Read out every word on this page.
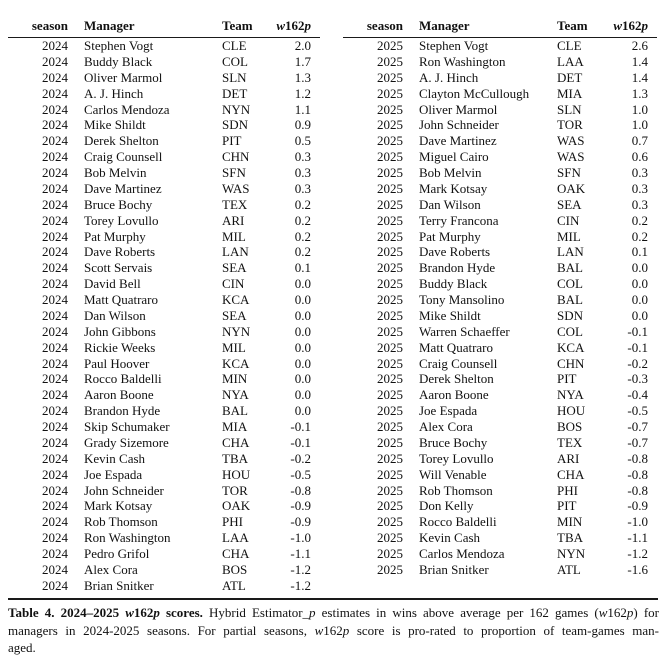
season	Manager	Team	w162p
2024	Stephen Vogt	CLE	2.0
2024	Buddy Black	COL	1.7
2024	Oliver Marmol	SLN	1.3
2024	A. J. Hinch	DET	1.2
2024	Carlos Mendoza	NYN	1.1
2024	Mike Shildt	SDN	0.9
2024	Derek Shelton	PIT	0.5
2024	Craig Counsell	CHN	0.3
2024	Bob Melvin	SFN	0.3
2024	Dave Martinez	WAS	0.3
2024	Bruce Bochy	TEX	0.2
2024	Torey Lovullo	ARI	0.2
2024	Pat Murphy	MIL	0.2
2024	Dave Roberts	LAN	0.2
2024	Scott Servais	SEA	0.1
2024	David Bell	CIN	0.0
2024	Matt Quatraro	KCA	0.0
2024	Dan Wilson	SEA	0.0
2024	John Gibbons	NYN	0.0
2024	Rickie Weeks	MIL	0.0
2024	Paul Hoover	KCA	0.0
2024	Rocco Baldelli	MIN	0.0
2024	Aaron Boone	NYA	0.0
2024	Brandon Hyde	BAL	0.0
2024	Skip Schumaker	MIA	-0.1
2024	Grady Sizemore	CHA	-0.1
2024	Kevin Cash	TBA	-0.2
2024	Joe Espada	HOU	-0.5
2024	John Schneider	TOR	-0.8
2024	Mark Kotsay	OAK	-0.9
2024	Rob Thomson	PHI	-0.9
2024	Ron Washington	LAA	-1.0
2024	Pedro Grifol	CHA	-1.1
2024	Alex Cora	BOS	-1.2
2024	Brian Snitker	ATL	-1.2
season	Manager	Team	w162p
2025	Stephen Vogt	CLE	2.6
2025	Ron Washington	LAA	1.4
2025	A. J. Hinch	DET	1.4
2025	Clayton McCullough	MIA	1.3
2025	Oliver Marmol	SLN	1.0
2025	John Schneider	TOR	1.0
2025	Dave Martinez	WAS	0.7
2025	Miguel Cairo	WAS	0.6
2025	Bob Melvin	SFN	0.3
2025	Mark Kotsay	OAK	0.3
2025	Dan Wilson	SEA	0.3
2025	Terry Francona	CIN	0.2
2025	Pat Murphy	MIL	0.2
2025	Dave Roberts	LAN	0.1
2025	Brandon Hyde	BAL	0.0
2025	Buddy Black	COL	0.0
2025	Tony Mansolino	BAL	0.0
2025	Mike Shildt	SDN	0.0
2025	Warren Schaeffer	COL	-0.1
2025	Matt Quatraro	KCA	-0.1
2025	Craig Counsell	CHN	-0.2
2025	Derek Shelton	PIT	-0.3
2025	Aaron Boone	NYA	-0.4
2025	Joe Espada	HOU	-0.5
2025	Alex Cora	BOS	-0.7
2025	Bruce Bochy	TEX	-0.7
2025	Torey Lovullo	ARI	-0.8
2025	Will Venable	CHA	-0.8
2025	Rob Thomson	PHI	-0.8
2025	Don Kelly	PIT	-0.9
2025	Rocco Baldelli	MIN	-1.0
2025	Kevin Cash	TBA	-1.1
2025	Carlos Mendoza	NYN	-1.2
2025	Brian Snitker	ATL	-1.6
Table 4. 2024–2025 w162p scores. Hybrid Estimator_p estimates in wins above average per 162 games (w162p) for
managers in 2024-2025 seasons. For partial seasons, w162p score is pro-rated to proportion of team-games man-
aged.
